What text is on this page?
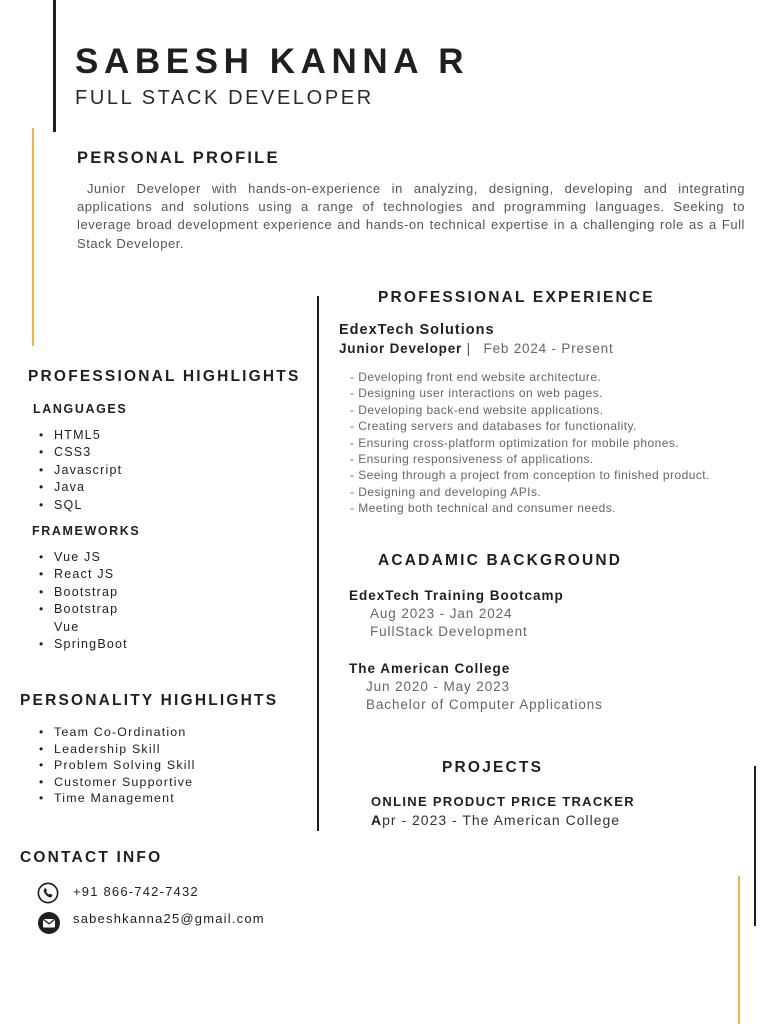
SABESH KANNA R
FULL STACK DEVELOPER
PERSONAL PROFILE

Junior Developer with hands-on-experience in analyzing, designing, developing and integrating applications and solutions using a range of technologies and programming languages. Seeking to leverage broad development experience and hands-on technical expertise in a challenging role as a Full Stack Developer.

PROFESSIONAL HIGHLIGHTS
LANGUAGES
• HTML5
• CSS3
• Javascript
• Java
• SQL
FRAMEWORKS
• Vue JS
• React JS
• Bootstrap
• Bootstrap Vue
• SpringBoot
PERSONALITY HIGHLIGHTS
• Team Co-Ordination
• Leadership Skill
• Problem Solving Skill
• Customer Supportive
• Time Management
CONTACT INFO
+91 866-742-7432
sabeshkanna25@gmail.com
PROFESSIONAL EXPERIENCE
EdexTech Solutions
Junior Developer | Feb 2024 - Present
- Developing front end website architecture.
- Designing user interactions on web pages.
- Developing back-end website applications.
- Creating servers and databases for functionality.
- Ensuring cross-platform optimization for mobile phones.
- Ensuring responsiveness of applications.
- Seeing through a project from conception to finished product.
- Designing and developing APIs.
- Meeting both technical and consumer needs.
ACADAMIC BACKGROUND
EdexTech Training Bootcamp
Aug 2023 - Jan 2024
FullStack Development
The American College
Jun 2020 - May 2023
Bachelor of Computer Applications
PROJECTS
ONLINE PRODUCT PRICE TRACKER
Apr - 2023 - The American College
